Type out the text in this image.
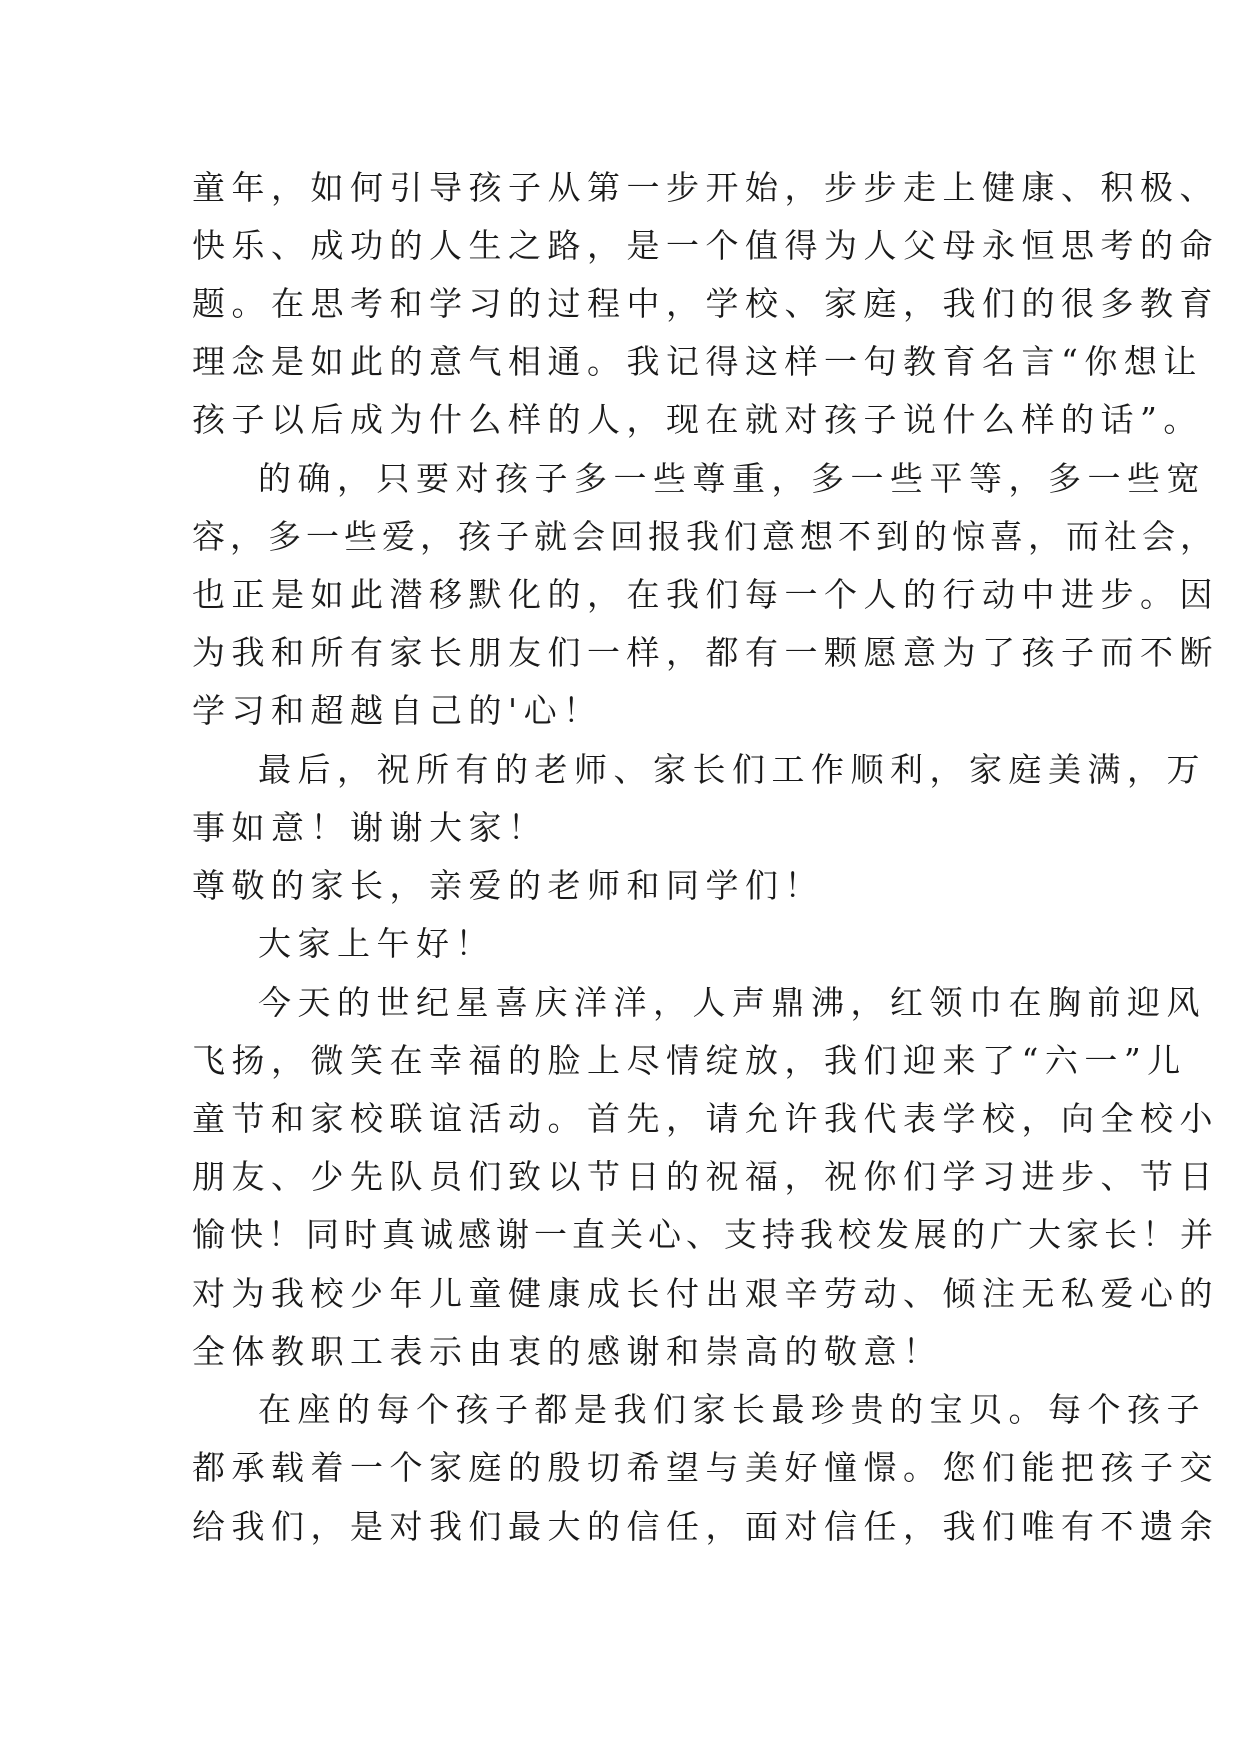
童年，如何引导孩子从第一步开始，步步走上健康、积极、
快乐、成功的人生之路，是一个值得为人父母永恒思考的命
题。在思考和学习的过程中，学校、家庭，我们的很多教育
理念是如此的意气相通。我记得这样一句教育名言“你想让
孩子以后成为什么样的人，现在就对孩子说什么样的话”。
的确，只要对孩子多一些尊重，多一些平等，多一些宽
容，多一些爱，孩子就会回报我们意想不到的惊喜，而社会，
也正是如此潜移默化的，在我们每一个人的行动中进步。因
为我和所有家长朋友们一样，都有一颗愿意为了孩子而不断
学习和超越自己的'心！
最后，祝所有的老师、家长们工作顺利，家庭美满，万
事如意！谢谢大家！
尊敬的家长，亲爱的老师和同学们！
大家上午好！
今天的世纪星喜庆洋洋，人声鼎沸，红领巾在胸前迎风
飞扬，微笑在幸福的脸上尽情绽放，我们迎来了“六一”儿
童节和家校联谊活动。首先，请允许我代表学校，向全校小
朋友、少先队员们致以节日的祝福，祝你们学习进步、节日
愉快！同时真诚感谢一直关心、支持我校发展的广大家长！并
对为我校少年儿童健康成长付出艰辛劳动、倾注无私爱心的
全体教职工表示由衷的感谢和崇高的敬意！
在座的每个孩子都是我们家长最珍贵的宝贝。每个孩子
都承载着一个家庭的殷切希望与美好憧憬。您们能把孩子交
给我们，是对我们最大的信任，面对信任，我们唯有不遗余
